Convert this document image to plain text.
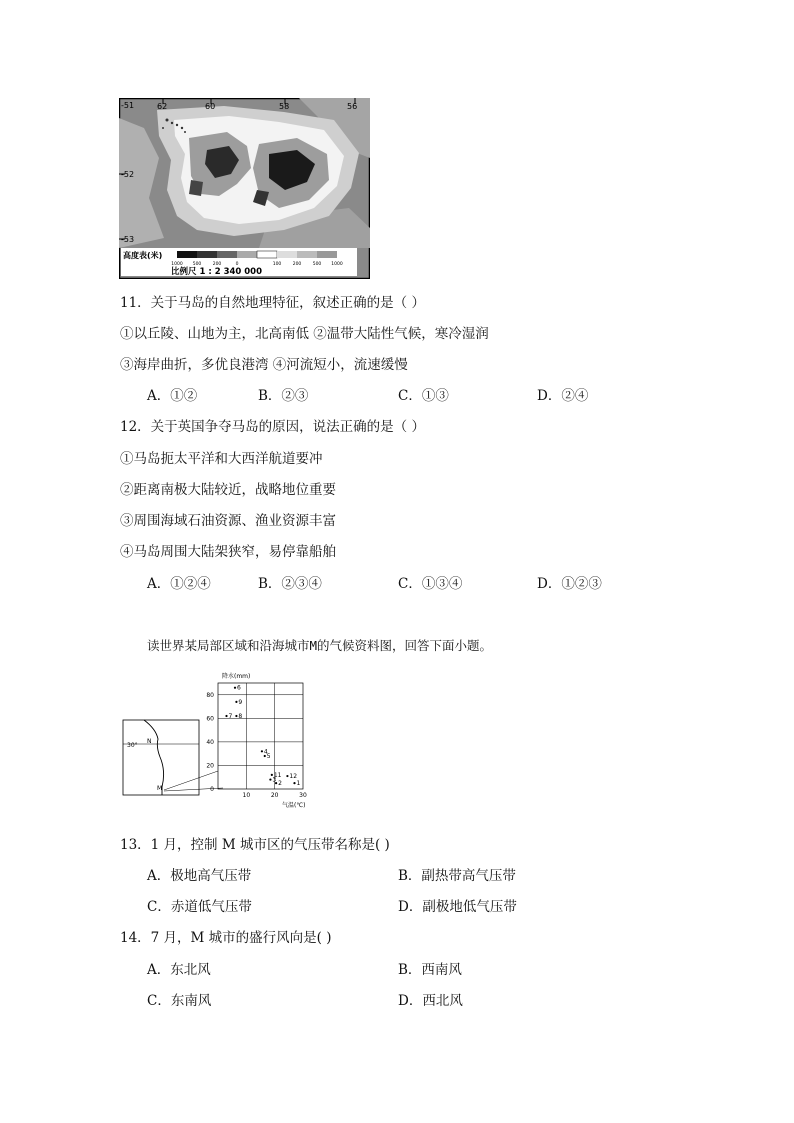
高度表(米)
1000 500	200	0	100	200	500 1000
比例尺 1 : 2 340 000
-51
-52
-53
62	60	58	56
11．关于马岛的自然地理特征，叙述正确的是（ ）
①以丘陵、山地为主，北高南低 ②温带大陆性气候，寒冷湿润
③海岸曲折，多优良港湾 ④河流短小，流速缓慢
A．①②	B．②③	C．①③	D．②④
12．关于英国争夺马岛的原因，说法正确的是（ ）
①马岛扼太平洋和大西洋航道要冲
②距离南极大陆较近，战略地位重要
③周围海域石油资源、渔业资源丰富
④马岛周围大陆架狭窄，易停靠船舶
A．①②④	B．②③④	C．①③④	D．①②③
读世界某局部区域和沿海城市M的气候资料图，回答下面小题。
30°
N
M
80
60
40
20
0
10	20	30
1
2
3
4
5
6
7 8
9
11 12
降水(mm)
气温(℃)
13．1 月，控制 M 城市区的气压带名称是( )
A．极地高气压带	B．副热带高气压带
C．赤道低气压带	D．副极地低气压带
14．7 月，M 城市的盛行风向是( )
A．东北风	B．西南风
C．东南风	D．西北风
